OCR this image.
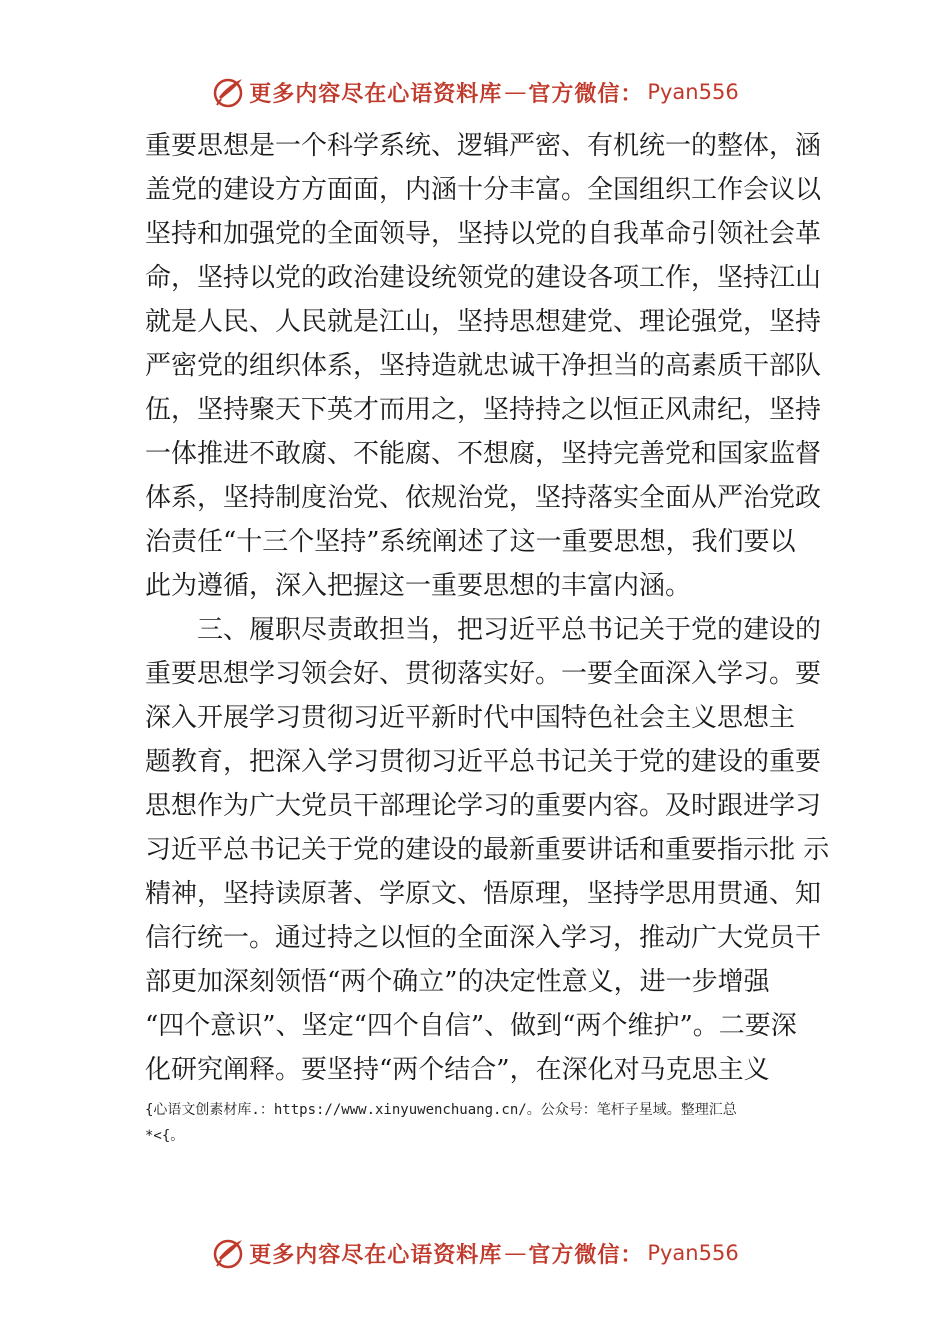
更多内容尽在心语资料库 — 官方微信： Pyan556
重要思想是一个科学系统、逻辑严密、有机统一的整体，涵
盖党的建设方方面面，内涵十分丰富。全国组织工作会议以
坚持和加强党的全面领导，坚持以党的自我革命引领社会革
命，坚持以党的政治建设统领党的建设各项工作，坚持江山
就是人民、人民就是江山，坚持思想建党、理论强党，坚持
严密党的组织体系，坚持造就忠诚干净担当的高素质干部队
伍，坚持聚天下英才而用之，坚持持之以恒正风肃纪，坚持
一体推进不敢腐、不能腐、不想腐，坚持完善党和国家监督
体系，坚持制度治党、依规治党，坚持落实全面从严治党政
治责任“十三个坚持”系统阐述了这一重要思想，我们要以
此为遵循，深入把握这一重要思想的丰富内涵。
三、履职尽责敢担当，把习近平总书记关于党的建设的
重要思想学习领会好、贯彻落实好。一要全面深入学习。要
深入开展学习贯彻习近平新时代中国特色社会主义思想主
题教育，把深入学习贯彻习近平总书记关于党的建设的重要
思想作为广大党员干部理论学习的重要内容。及时跟进学习
习近平总书记关于党的建设的最新重要讲话和重要指示批 示
精神，坚持读原著、学原文、悟原理，坚持学思用贯通、知
信行统一。通过持之以恒的全面深入学习，推动广大党员干
部更加深刻领悟“两个确立”的决定性意义，进一步增强
“四个意识”、坚定“四个自信”、做到“两个维护”。二要深
化研究阐释。要坚持“两个结合”，在深化对马克思主义
{心语文创素材库.：https://www.xinyuwenchuang.cn/。公众号：笔杆子星域。整理汇总
*<{。
更多内容尽在心语资料库 — 官方微信： Pyan556
